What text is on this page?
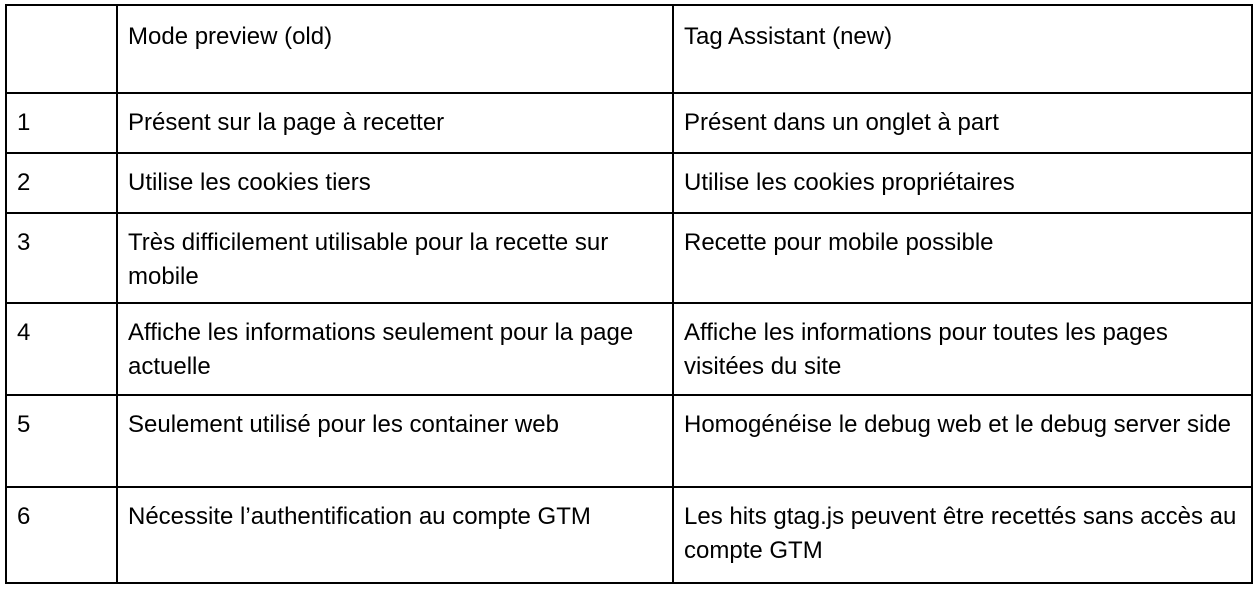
	Mode preview (old)	Tag Assistant (new)
1	Présent sur la page à recetter	Présent dans un onglet à part
2	Utilise les cookies tiers	Utilise les cookies propriétaires
3	Très difficilement utilisable pour la recette sur mobile	Recette pour mobile possible
4	Affiche les informations seulement pour la page actuelle	Affiche les informations pour toutes les pages visitées du site
5	Seulement utilisé pour les container web	Homogénéise le debug web et le debug server side
6	Nécessite l’authentification au compte GTM	Les hits gtag.js peuvent être recettés sans accès au compte GTM
